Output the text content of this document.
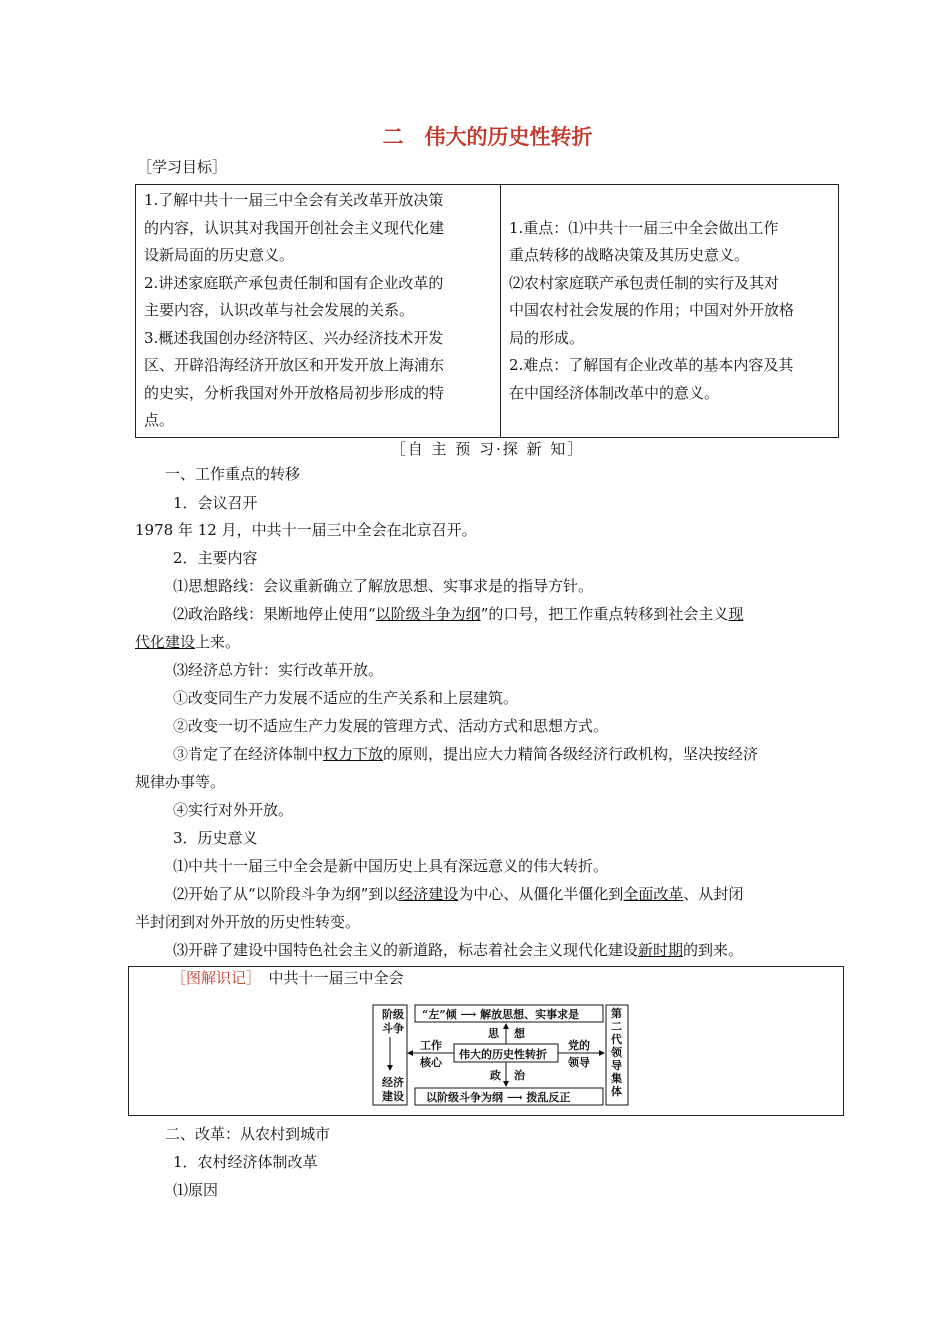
二　伟大的历史性转折
［学习目标］
1.了解中共十一届三中全会有关改革开放决策
的内容，认识其对我国开创社会主义现代化建
设新局面的历史意义。
2.讲述家庭联产承包责任制和国有企业改革的
主要内容，认识改革与社会发展的关系。
3.概述我国创办经济特区、兴办经济技术开发
区、开辟沿海经济开放区和开发开放上海浦东
的史实，分析我国对外开放格局初步形成的特
点。

1.重点：⑴中共十一届三中全会做出工作
重点转移的战略决策及其历史意义。
⑵农村家庭联产承包责任制的实行及其对
中国农村社会发展的作用；中国对外开放格
局的形成。
2.难点：了解国有企业改革的基本内容及其
在中国经济体制改革中的意义。
［自 主 预 习·探 新 知］
一、工作重点的转移
1．会议召开
1978 年 12 月，中共十一届三中全会在北京召开。
2．主要内容
⑴思想路线：会议重新确立了解放思想、实事求是的指导方针。
⑵政治路线：果断地停止使用“以阶级斗争为纲”的口号，把工作重点转移到社会主义现
代化建设上来。
⑶经济总方针：实行改革开放。
①改变同生产力发展不适应的生产关系和上层建筑。
②改变一切不适应生产力发展的管理方式、活动方式和思想方式。
③肯定了在经济体制中权力下放的原则，提出应大力精简各级经济行政机构，坚决按经济
规律办事等。
④实行对外开放。
3．历史意义
⑴中共十一届三中全会是新中国历史上具有深远意义的伟大转折。
⑵开始了从“以阶段斗争为纲”到以经济建设为中心、从僵化半僵化到全面改革、从封闭
半封闭到对外开放的历史性转变。
⑶开辟了建设中国特色社会主义的新道路，标志着社会主义现代化建设新时期的到来。
［图解识记］　 中共十一届三中全会
阶级
斗争
经济
建设
第
二
代
领
导
集
体
“左”倾 ⟶ 解放思想、实事求是
思 想
伟大的历史性转折
工作
核心
党的
领导
政 治
以阶级斗争为纲 ⟶ 拨乱反正
二、改革：从农村到城市
1．农村经济体制改革
⑴原因
